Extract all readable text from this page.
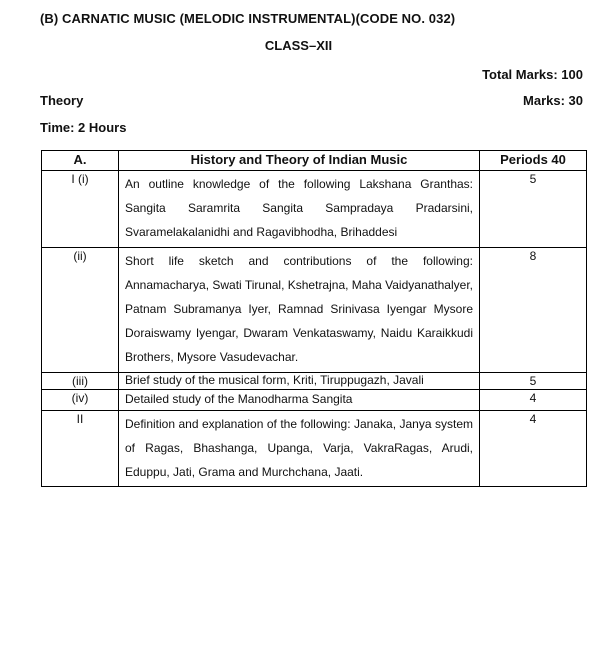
(B) CARNATIC MUSIC (MELODIC INSTRUMENTAL)(CODE NO. 032)
CLASS–XII
Total Marks: 100
Theory	Marks: 30
Time: 2 Hours
A.	History and Theory of Indian Music	Periods 40
I (i)	An outline knowledge of the following Lakshana Granthas: Sangita Saramrita Sangita Sampradaya Pradarsini, Svaramelakalanidhi and Ragavibhodha, Brihaddesi	5
(ii)	Short life sketch and contributions of the following: Annamacharya, Swati Tirunal, Kshetrajna, Maha Vaidyanathalyer, Patnam Subramanya Iyer, Ramnad Srinivasa Iyengar Mysore Doraiswamy Iyengar, Dwaram Venkataswamy, Naidu Karaikkudi Brothers, Mysore Vasudevachar.	8
(iii)	Brief study of the musical form, Kriti, Tiruppugazh, Javali	5
(iv)	Detailed study of the Manodharma Sangita	4
II	Definition and explanation of the following: Janaka, Janya system of Ragas, Bhashanga, Upanga, Varja, VakraRagas, Arudi, Eduppu, Jati, Grama and Murchchana, Jaati.	4
